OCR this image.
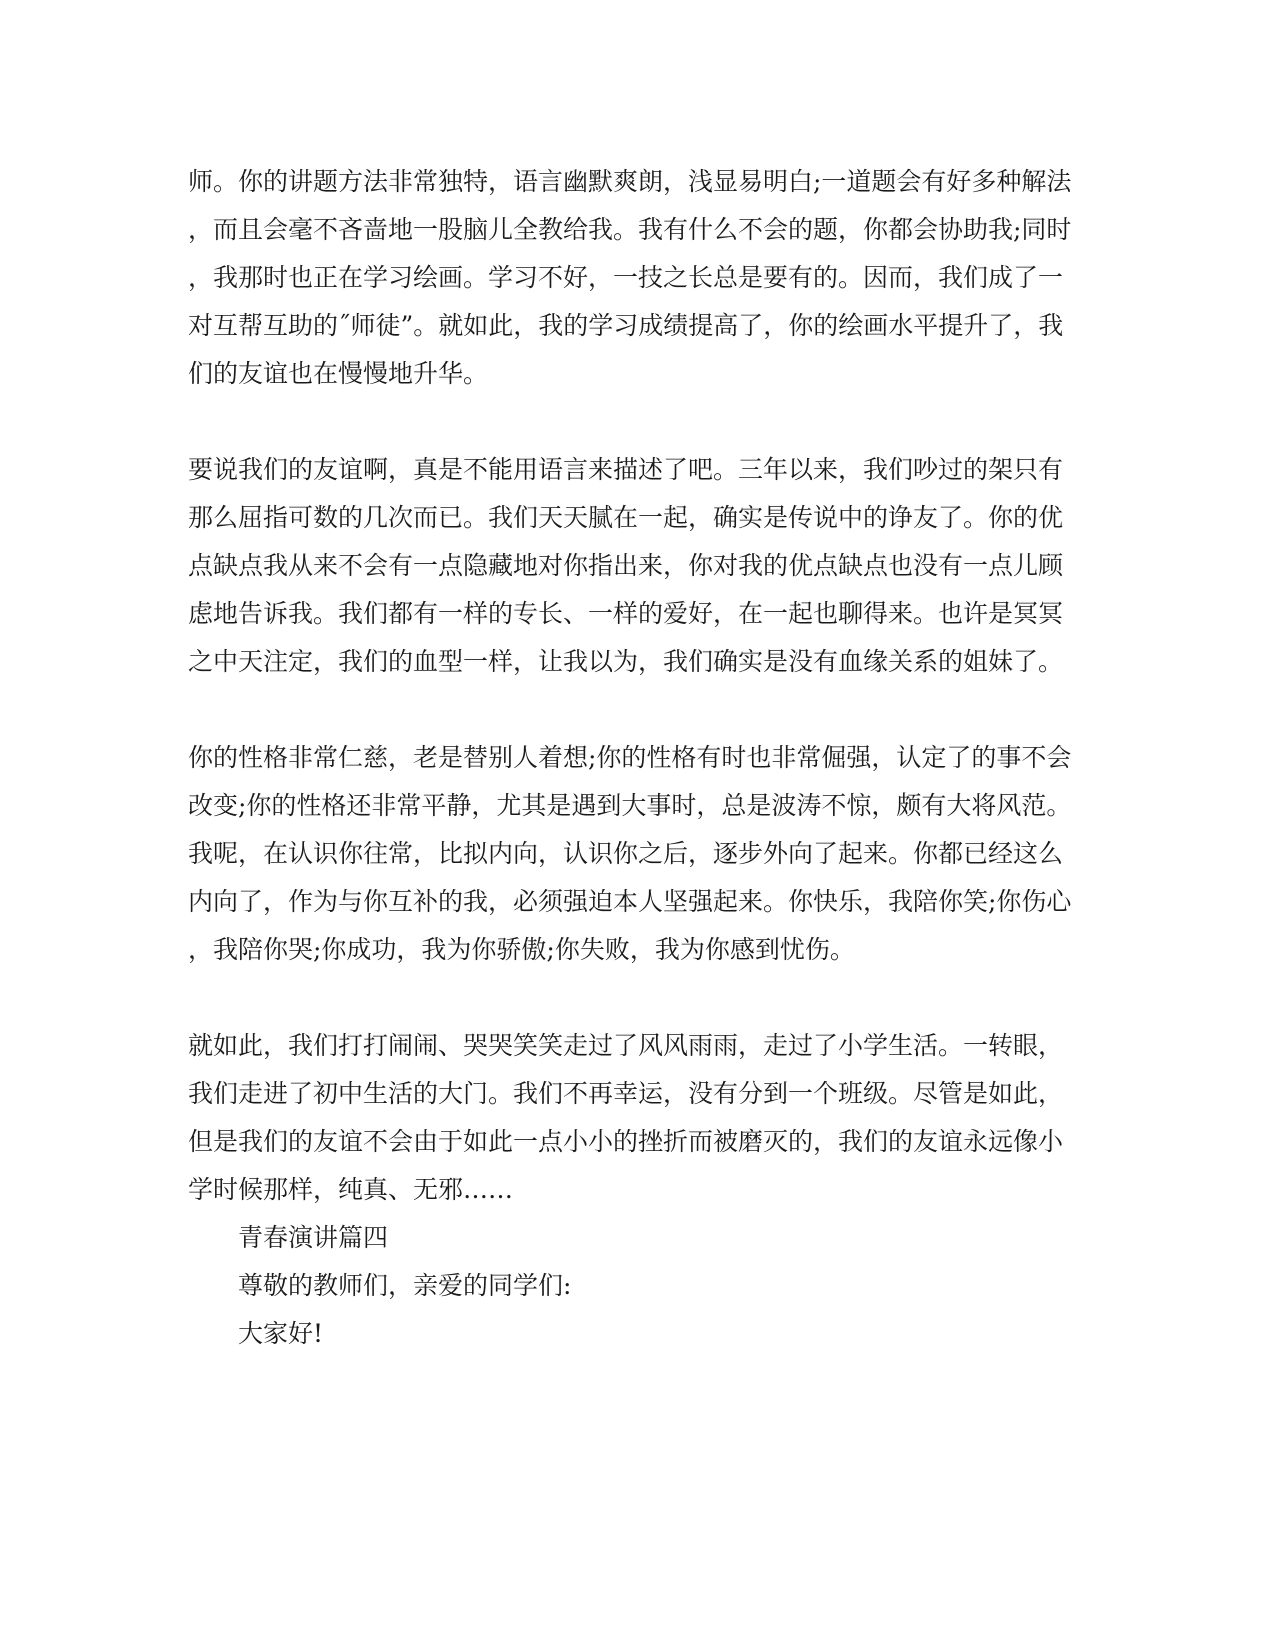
师。你的讲题方法非常独特，语言幽默爽朗，浅显易明白;一道题会有好多种解法
，而且会毫不吝啬地一股脑儿全教给我。我有什么不会的题，你都会协助我;同时
，我那时也正在学习绘画。学习不好，一技之长总是要有的。因而，我们成了一
对互帮互助的˝师徒”。就如此，我的学习成绩提高了，你的绘画水平提升了，我
们的友谊也在慢慢地升华。
要说我们的友谊啊，真是不能用语言来描述了吧。三年以来，我们吵过的架只有
那么屈指可数的几次而已。我们天天腻在一起，确实是传说中的诤友了。你的优
点缺点我从来不会有一点隐藏地对你指出来，你对我的优点缺点也没有一点儿顾
虑地告诉我。我们都有一样的专长、一样的爱好，在一起也聊得来。也许是冥冥
之中天注定，我们的血型一样，让我以为，我们确实是没有血缘关系的姐妹了。
你的性格非常仁慈，老是替别人着想;你的性格有时也非常倔强，认定了的事不会
改变;你的性格还非常平静，尤其是遇到大事时，总是波涛不惊，颇有大将风范。
我呢，在认识你往常，比拟内向，认识你之后，逐步外向了起来。你都已经这么
内向了，作为与你互补的我，必须强迫本人坚强起来。你快乐，我陪你笑;你伤心
，我陪你哭;你成功，我为你骄傲;你失败，我为你感到忧伤。
就如此，我们打打闹闹、哭哭笑笑走过了风风雨雨，走过了小学生活。一转眼，
我们走进了初中生活的大门。我们不再幸运，没有分到一个班级。尽管是如此，
但是我们的友谊不会由于如此一点小小的挫折而被磨灭的，我们的友谊永远像小
学时候那样，纯真、无邪……
青春演讲篇四
尊敬的教师们，亲爱的同学们:
大家好!
